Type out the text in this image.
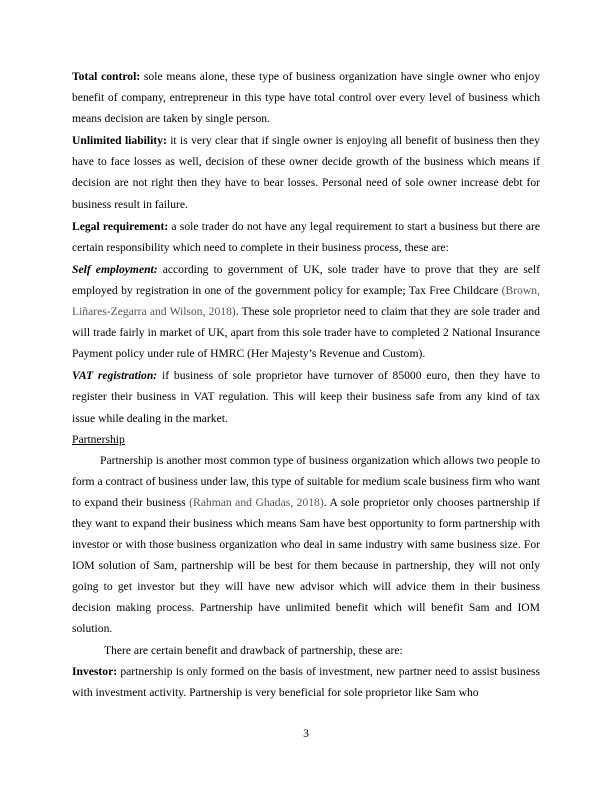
Total control: sole means alone, these type of business organization have single owner who enjoy benefit of company, entrepreneur in this type have total control over every level of business which means decision are taken by single person.

Unlimited liability: it is very clear that if single owner is enjoying all benefit of business then they have to face losses as well, decision of these owner decide growth of the business which means if decision are not right then they have to bear losses. Personal need of sole owner increase debt for business result in failure.

Legal requirement: a sole trader do not have any legal requirement to start a business but there are certain responsibility which need to complete in their business process, these are:

Self employment: according to government of UK, sole trader have to prove that they are self employed by registration in one of the government policy for example; Tax Free Childcare (Brown, Liñares-Zegarra and Wilson, 2018). These sole proprietor need to claim that they are sole trader and will trade fairly in market of UK, apart from this sole trader have to completed 2 National Insurance Payment policy under rule of HMRC (Her Majesty’s Revenue and Custom).

VAT registration: if business of sole proprietor have turnover of 85000 euro, then they have to register their business in VAT regulation. This will keep their business safe from any kind of tax issue while dealing in the market.

Partnership

Partnership is another most common type of business organization which allows two people to form a contract of business under law, this type of suitable for medium scale business firm who want to expand their business (Rahman and Ghadas, 2018). A sole proprietor only chooses partnership if they want to expand their business which means Sam have best opportunity to form partnership with investor or with those business organization who deal in same industry with same business size. For IOM solution of Sam, partnership will be best for them because in partnership, they will not only going to get investor but they will have new advisor which will advice them in their business decision making process. Partnership have unlimited benefit which will benefit Sam and IOM solution.

There are certain benefit and drawback of partnership, these are:

Investor: partnership is only formed on the basis of investment, new partner need to assist business with investment activity. Partnership is very beneficial for sole proprietor like Sam who

3
